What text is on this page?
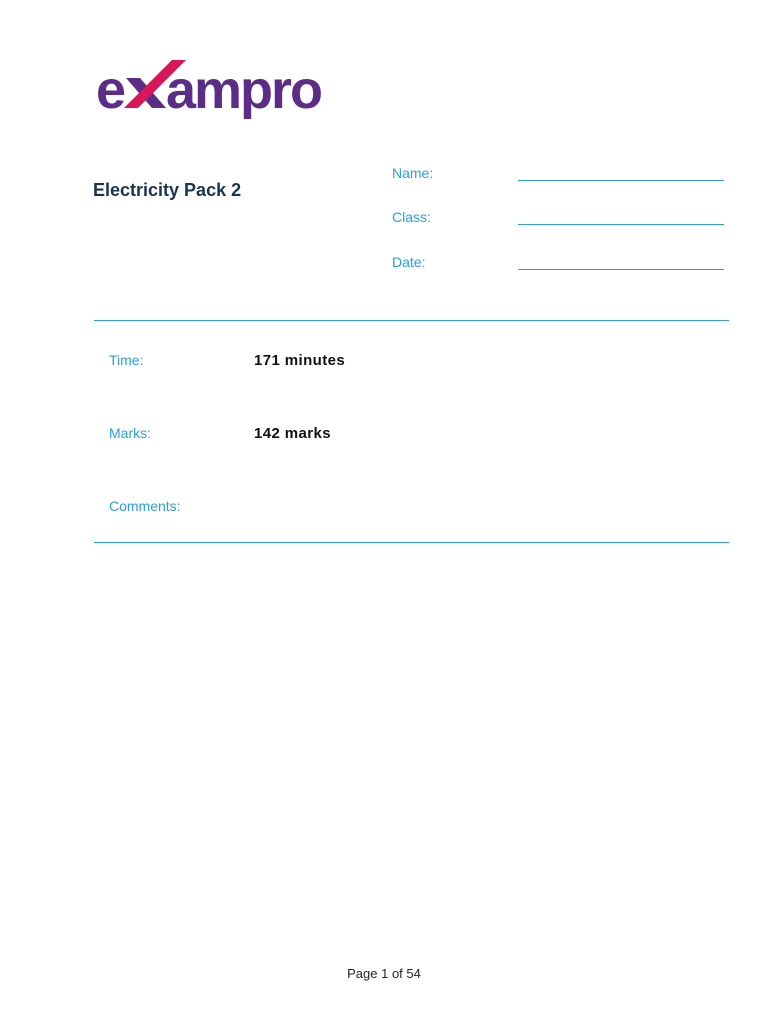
e ampro
Electricity Pack 2
Name:
Class:
Date:
Time:	171 minutes
Marks:	142 marks
Comments:
Page 1 of 54
